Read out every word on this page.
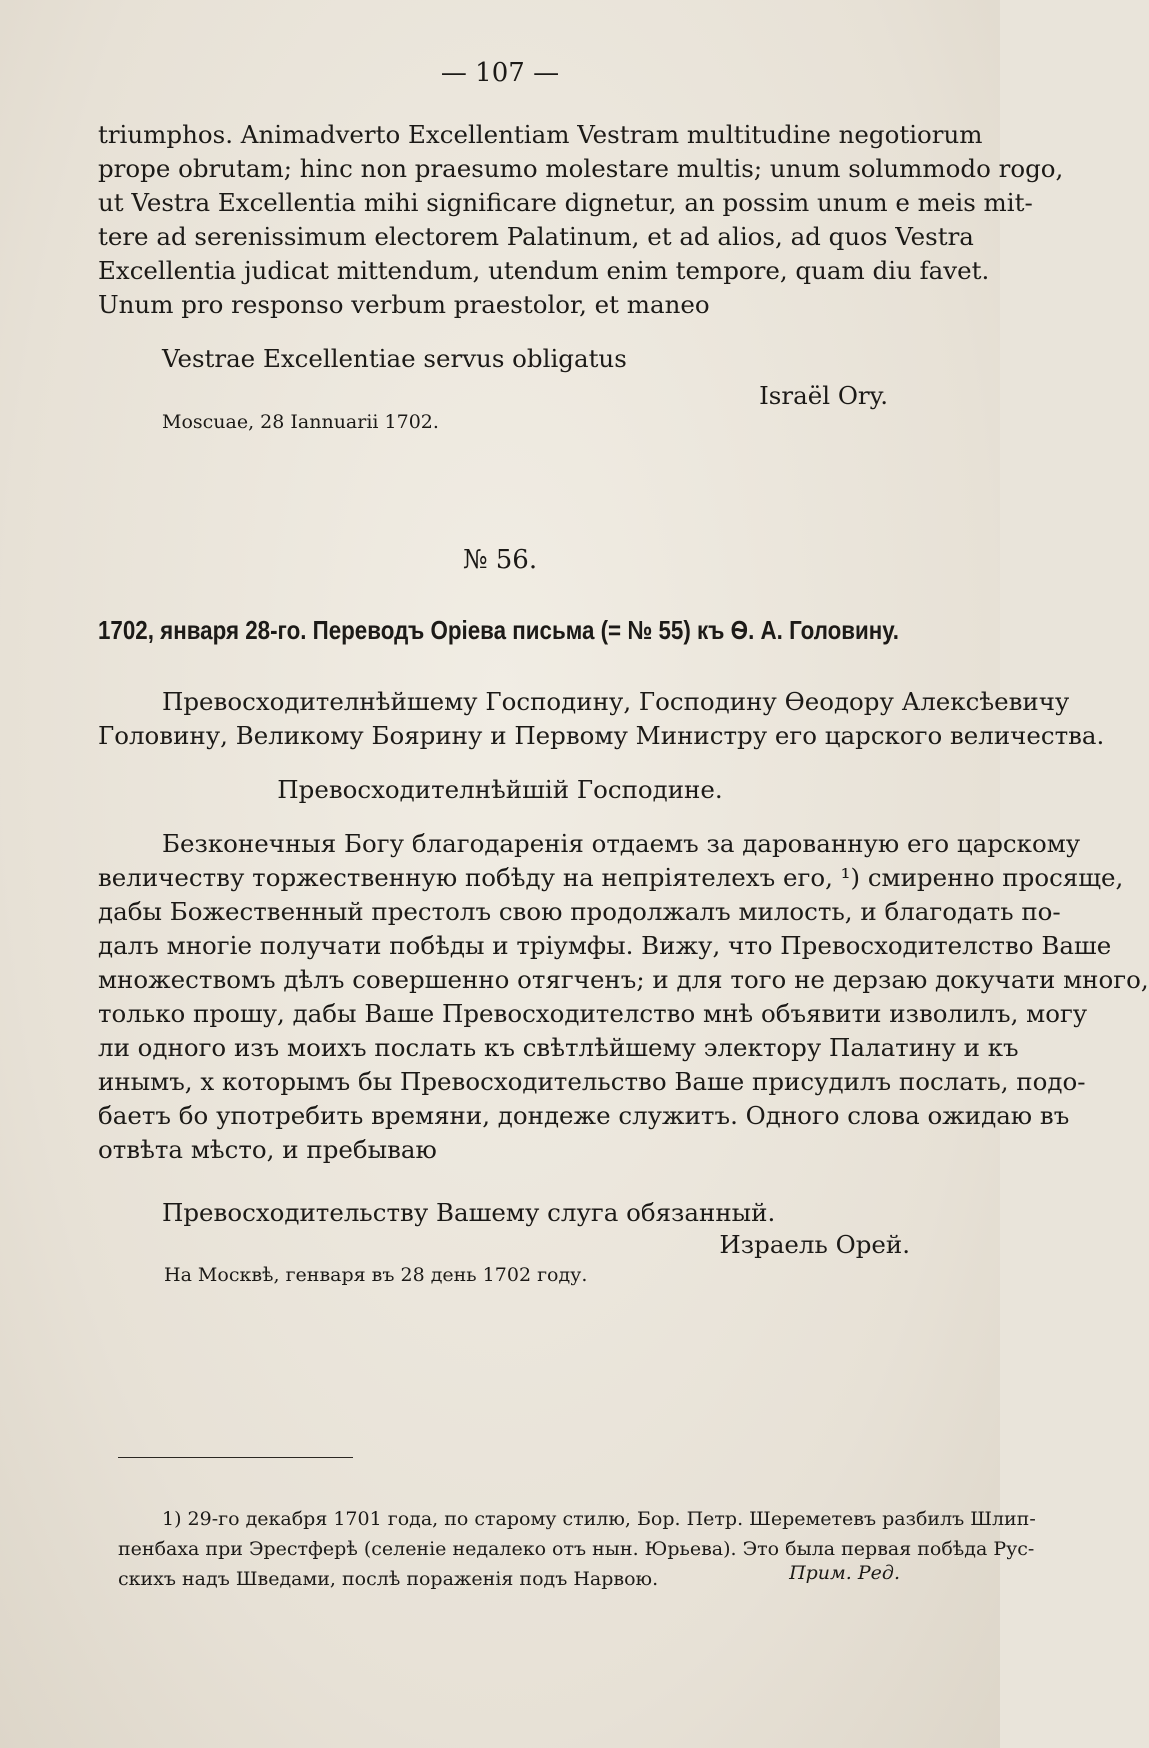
— 107 —
triumphos. Animadverto Excellentiam Vestram multitudine negotiorum
prope obrutam; hinc non praesumo molestare multis; unum solummodo rogo,
ut Vestra Excellentia mihi significare dignetur, an possim unum e meis mit-
tere ad serenissimum electorem Palatinum, et ad alios, ad quos Vestra
Excellentia judicat mittendum, utendum enim tempore, quam diu favet.
Unum pro responso verbum praestolor, et maneo
Vestrae Excellentiae servus obligatus
Israël Ory.
Moscuae, 28 Iannuarii 1702.
№ 56.
1702, января 28-го. Переводъ Оріева письма (= № 55) къ Ѳ. А. Головину.
Превосходителнѣйшему Господину, Господину Ѳеодору Алексѣевичу
Головину, Великому Боярину и Первому Министру его царского величества.
Превосходителнѣйшій Господине.
Безконечныя Богу благодаренія отдаемъ за дарованную его царскому
величеству торжественную побѣду на непріятелехъ его, ¹) смиренно просяще,
дабы Божественный престолъ свою продолжалъ милость, и благодать по-
далъ многіе получати побѣды и тріумфы. Вижу, что Превосходителство Ваше
множествомъ дѣлъ совершенно отягченъ; и для того не дерзаю докучати много,
только прошу, дабы Ваше Превосходителство мнѣ объявити изволилъ, могу
ли одного изъ моихъ послать къ свѣтлѣйшему электору Палатину и къ
инымъ, х которымъ бы Превосходительство Ваше присудилъ послать, подо-
баетъ бо употребить времяни, дондеже служитъ. Одного слова ожидаю въ
отвѣта мѣсто, и пребываю
Превосходительству Вашему слуга обязанный.
Израель Орей.
На Москвѣ, генваря въ 28 день 1702 году.
1) 29-го декабря 1701 года, по старому стилю, Бор. Петр. Шереметевъ разбилъ Шлип-
пенбаха при Эрестферѣ (селеніе недалеко отъ нын. Юрьева). Это была первая побѣда Рус-
скихъ надъ Шведами, послѣ пораженія подъ Нарвою.	Прим. Ред.
